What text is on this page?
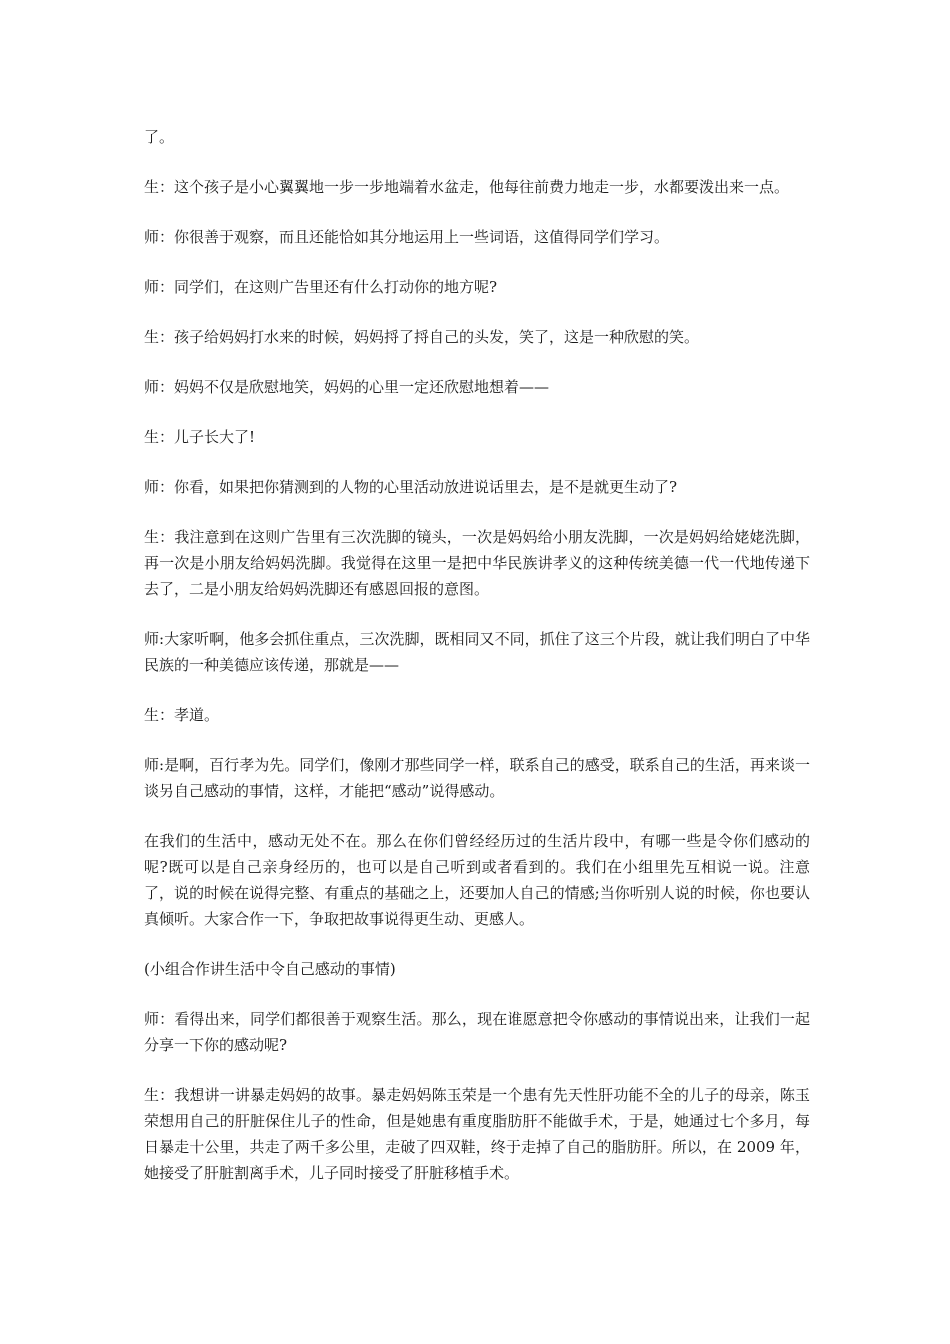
了。

生：这个孩子是小心翼翼地一步一步地端着水盆走，他每往前费力地走一步，水都要泼出来一点。

师：你很善于观察，而且还能恰如其分地运用上一些词语，这值得同学们学习。

师：同学们，在这则广告里还有什么打动你的地方呢?

生：孩子给妈妈打水来的时候，妈妈捋了捋自己的头发，笑了，这是一种欣慰的笑。

师：妈妈不仅是欣慰地笑，妈妈的心里一定还欣慰地想着——

生：儿子长大了!

师：你看，如果把你猜测到的人物的心里活动放进说话里去，是不是就更生动了?

生：我注意到在这则广告里有三次洗脚的镜头，一次是妈妈给小朋友洗脚，一次是妈妈给姥姥洗脚，再一次是小朋友给妈妈洗脚。我觉得在这里一是把中华民族讲孝义的这种传统美德一代一代地传递下去了，二是小朋友给妈妈洗脚还有感恩回报的意图。

师:大家听啊，他多会抓住重点，三次洗脚，既相同又不同，抓住了这三个片段，就让我们明白了中华民族的一种美德应该传递，那就是——

生：孝道。

师:是啊，百行孝为先。同学们，像刚才那些同学一样，联系自己的感受，联系自己的生活，再来谈一谈另自己感动的事情，这样，才能把“感动”说得感动。

在我们的生活中，感动无处不在。那么在你们曾经经历过的生活片段中，有哪一些是令你们感动的呢?既可以是自己亲身经历的，也可以是自己听到或者看到的。我们在小组里先互相说一说。注意了，说的时候在说得完整、有重点的基础之上，还要加人自己的情感;当你听别人说的时候，你也要认真倾听。大家合作一下，争取把故事说得更生动、更感人。

(小组合作讲生活中令自己感动的事情)

师：看得出来，同学们都很善于观察生活。那么，现在谁愿意把令你感动的事情说出来，让我们一起分享一下你的感动呢?

生：我想讲一讲暴走妈妈的故事。暴走妈妈陈玉荣是一个患有先天性肝功能不全的儿子的母亲，陈玉荣想用自己的肝脏保住儿子的性命，但是她患有重度脂肪肝不能做手术，于是，她通过七个多月，每日暴走十公里，共走了两千多公里，走破了四双鞋，终于走掉了自己的脂肪肝。所以，在 2009 年，她接受了肝脏割离手术，儿子同时接受了肝脏移植手术。
